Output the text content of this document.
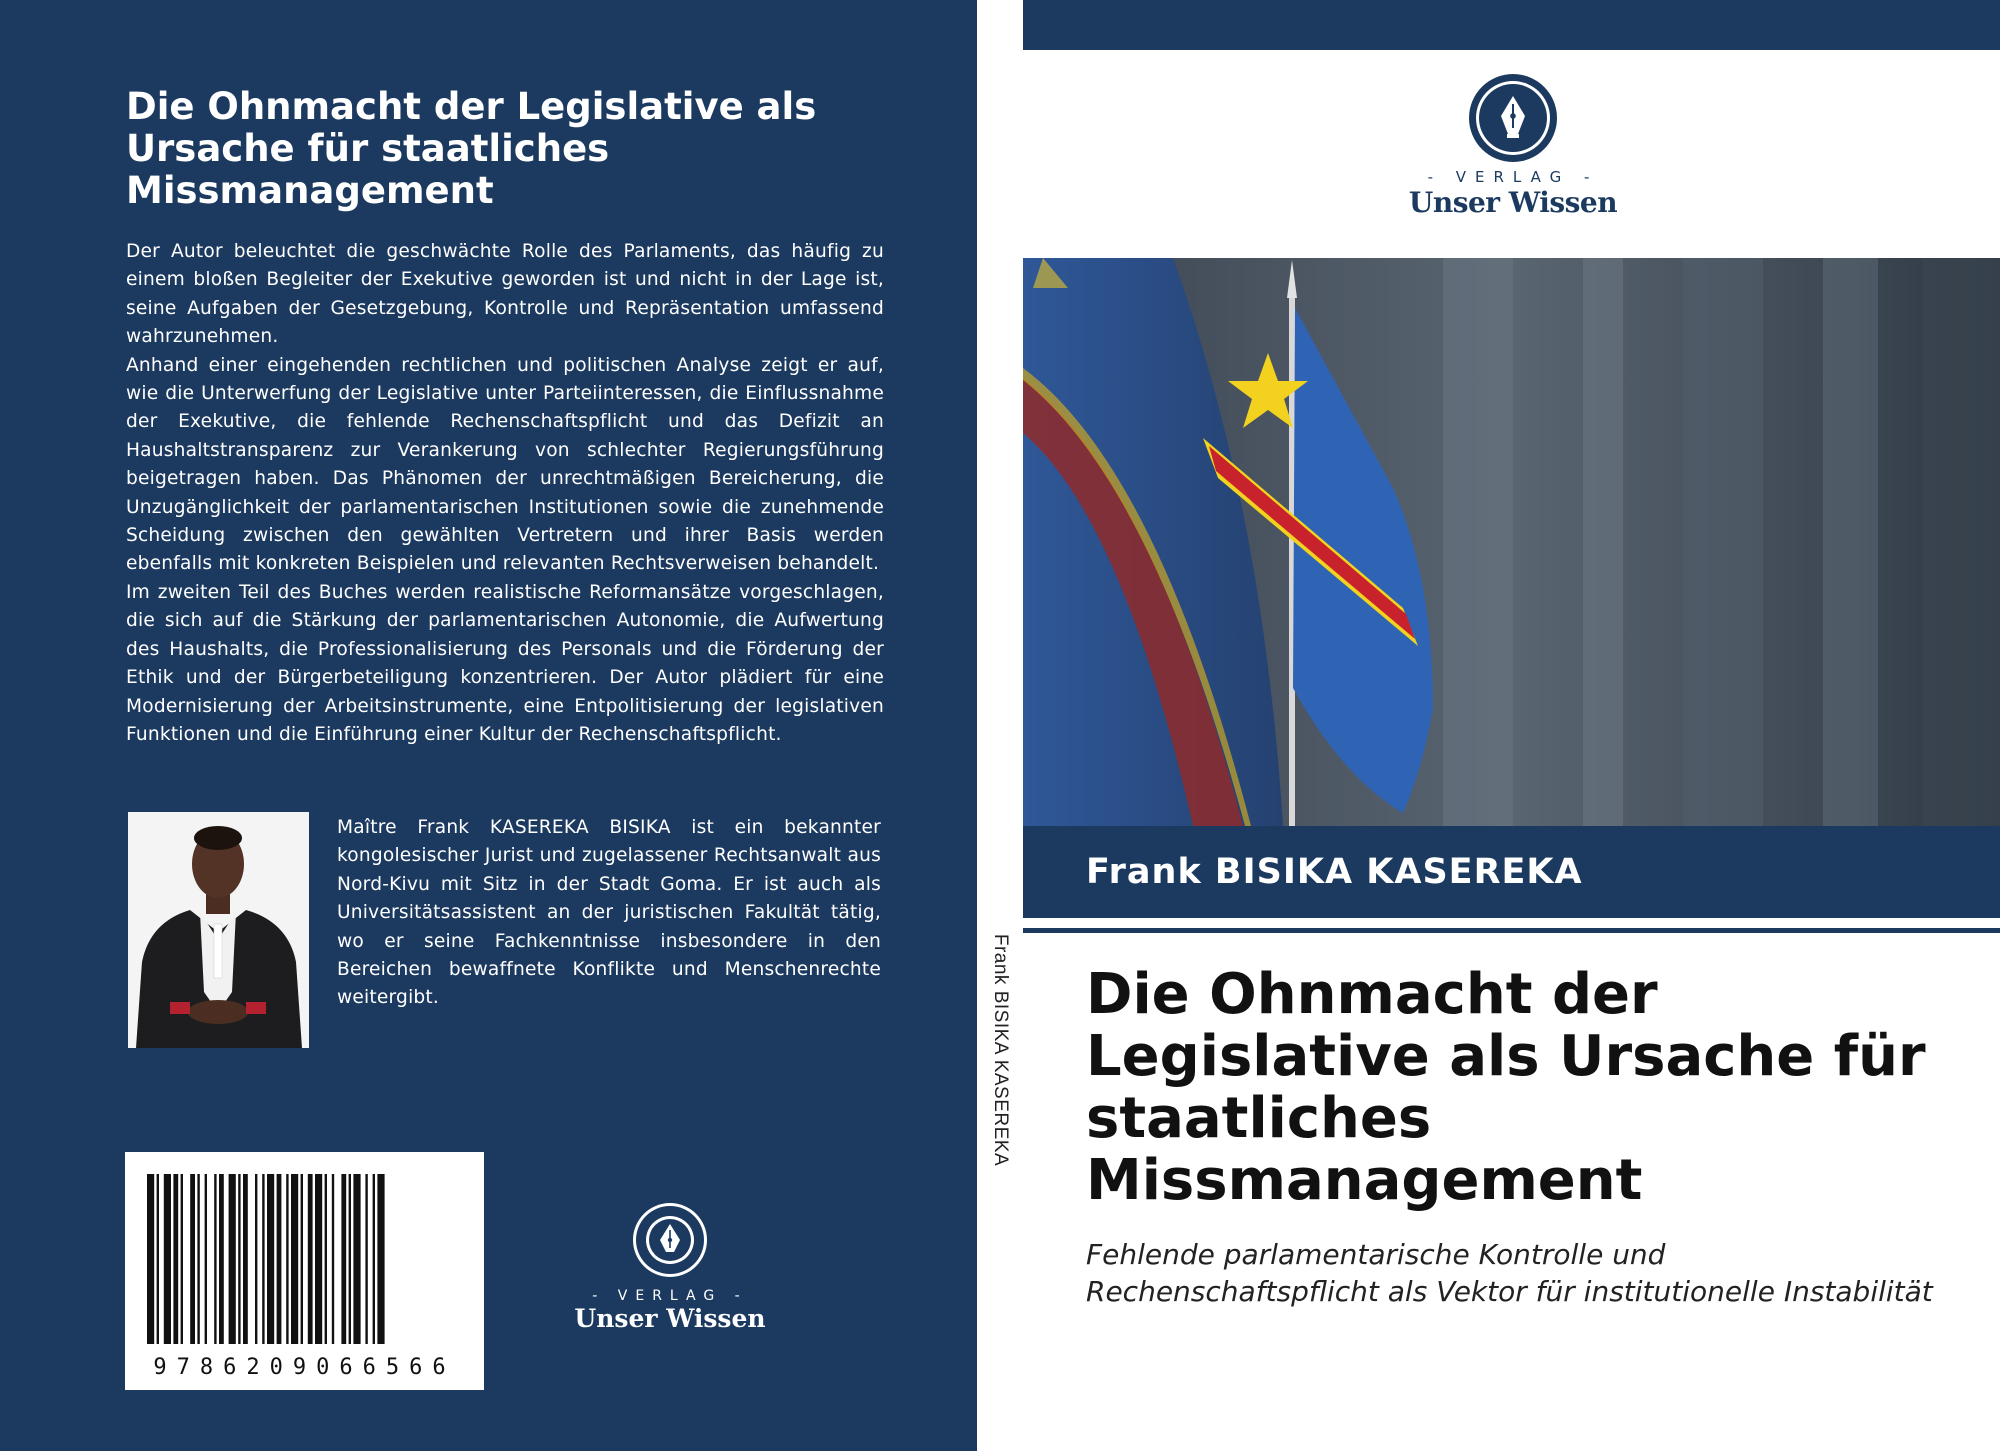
Die Ohnmacht der Legislative als Ursache für staatliches Missmanagement

Der Autor beleuchtet die geschwächte Rolle des Parlaments, das häufig zu einem bloßen Begleiter der Exekutive geworden ist und nicht in der Lage ist, seine Aufgaben der Gesetzgebung, Kontrolle und Repräsentation umfassend wahrzunehmen.

Anhand einer eingehenden rechtlichen und politischen Analyse zeigt er auf, wie die Unterwerfung der Legislative unter Parteiinteressen, die Einflussnahme der Exekutive, die fehlende Rechenschaftspflicht und das Defizit an Haushaltstransparenz zur Verankerung von schlechter Regierungsführung beigetragen haben. Das Phänomen der unrechtmäßigen Bereicherung, die Unzugänglichkeit der parlamentarischen Institutionen sowie die zunehmende Scheidung zwischen den gewählten Vertretern und ihrer Basis werden ebenfalls mit konkreten Beispielen und relevanten Rechtsverweisen behandelt.

Im zweiten Teil des Buches werden realistische Reformansätze vorgeschlagen, die sich auf die Stärkung der parlamentarischen Autonomie, die Aufwertung des Haushalts, die Professionalisierung des Personals und die Förderung der Ethik und der Bürgerbeteiligung konzentrieren. Der Autor plädiert für eine Modernisierung der Arbeitsinstrumente, eine Entpolitisierung der legislativen Funktionen und die Einführung einer Kultur der Rechenschaftspflicht.

Maître Frank KASEREKA BISIKA ist ein bekannter kongolesischer Jurist und zugelassener Rechtsanwalt aus Nord-Kivu mit Sitz in der Stadt Goma. Er ist auch als Universitätsassistent an der juristischen Fakultät tätig, wo er seine Fachkenntnisse insbesondere in den Bereichen bewaffnete Konflikte und Menschenrechte weitergibt.

9786209066566
- VERLAG -
Unser Wissen
Frank BISIKA KASEREKA
- VERLAG -
Unser Wissen
Frank BISIKA KASEREKA
Die Ohnmacht der Legislative als Ursache für staatliches Missmanagement

Fehlende parlamentarische Kontrolle und Rechenschaftspflicht als Vektor für institutionelle Instabilität
